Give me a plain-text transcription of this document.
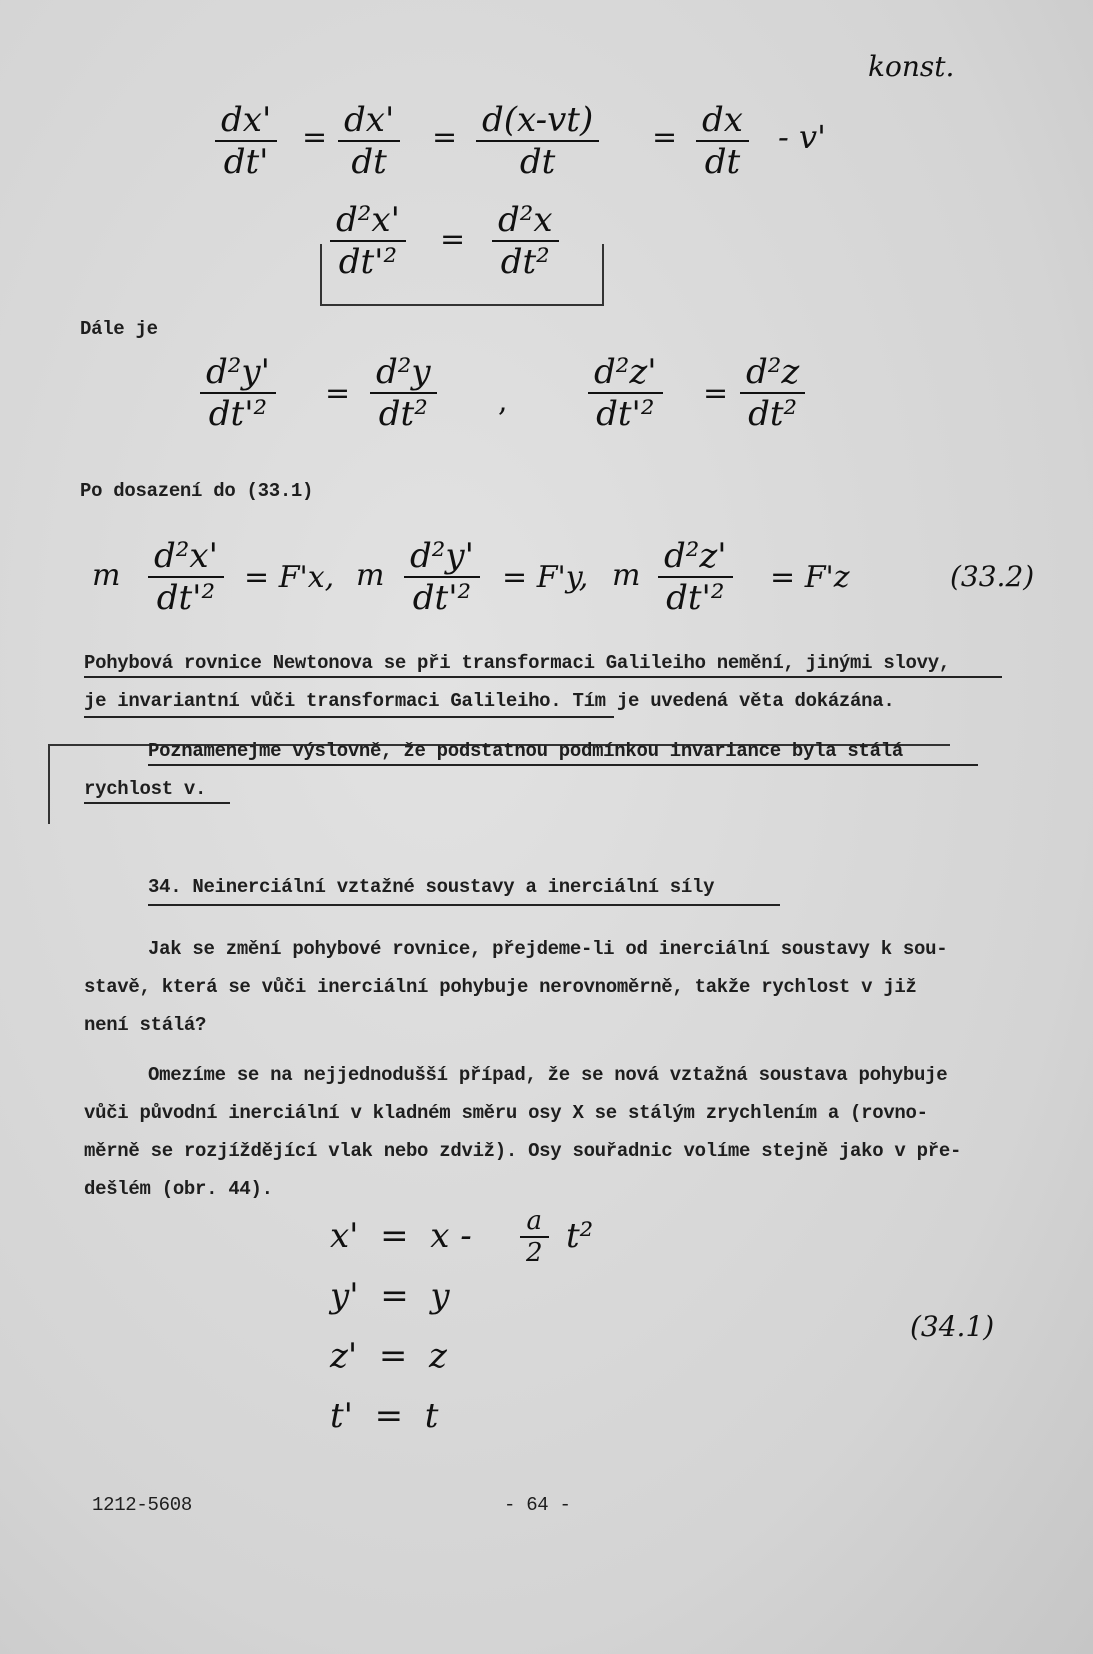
konst.
dx'
dt'
= dx'
dt
= d(x-vt)
dt
= dx
dt
- v'
d²x'
dt'²
= d²x
dt²
Dále je
d²y'
dt'²
=
d²y
dt² ,
d²z'
dt'²
=
d²z
dt²
Po dosazení do (33.1)
m d²x'
dt'²
= F'x, m d²y'
dt'²
= F'y, m d²z'
dt'²
= F'z	(33.2)
Pohybová rovnice Newtonova se při transformaci Galileiho nemění, jinými slovy,
je invariantní vůči transformaci Galileiho. Tím je uvedená věta dokázána.
Poznamenejme výslovně, že podstatnou podmínkou invariance byla stálá
rychlost v.
34. Neinerciální vztažné soustavy a inerciální síly
Jak se změní pohybové rovnice, přejdeme-li od inerciální soustavy k sou-
stavě, která se vůči inerciální pohybuje nerovnoměrně, takže rychlost v již
není stálá?
Omezíme se na nejjednodušší případ, že se nová vztažná soustava pohybuje
vůči původní inerciální v kladném směru osy X se stálým zrychlením a (rovno-
měrně se rozjíždějící vlak nebo zdviž). Osy souřadnic volíme stejně jako v pře-
dešlém (obr. 44).
x' = x - a
2 t²
y' = y
z' = z
t' = t
(34.1)
1212-5608	- 64 -
